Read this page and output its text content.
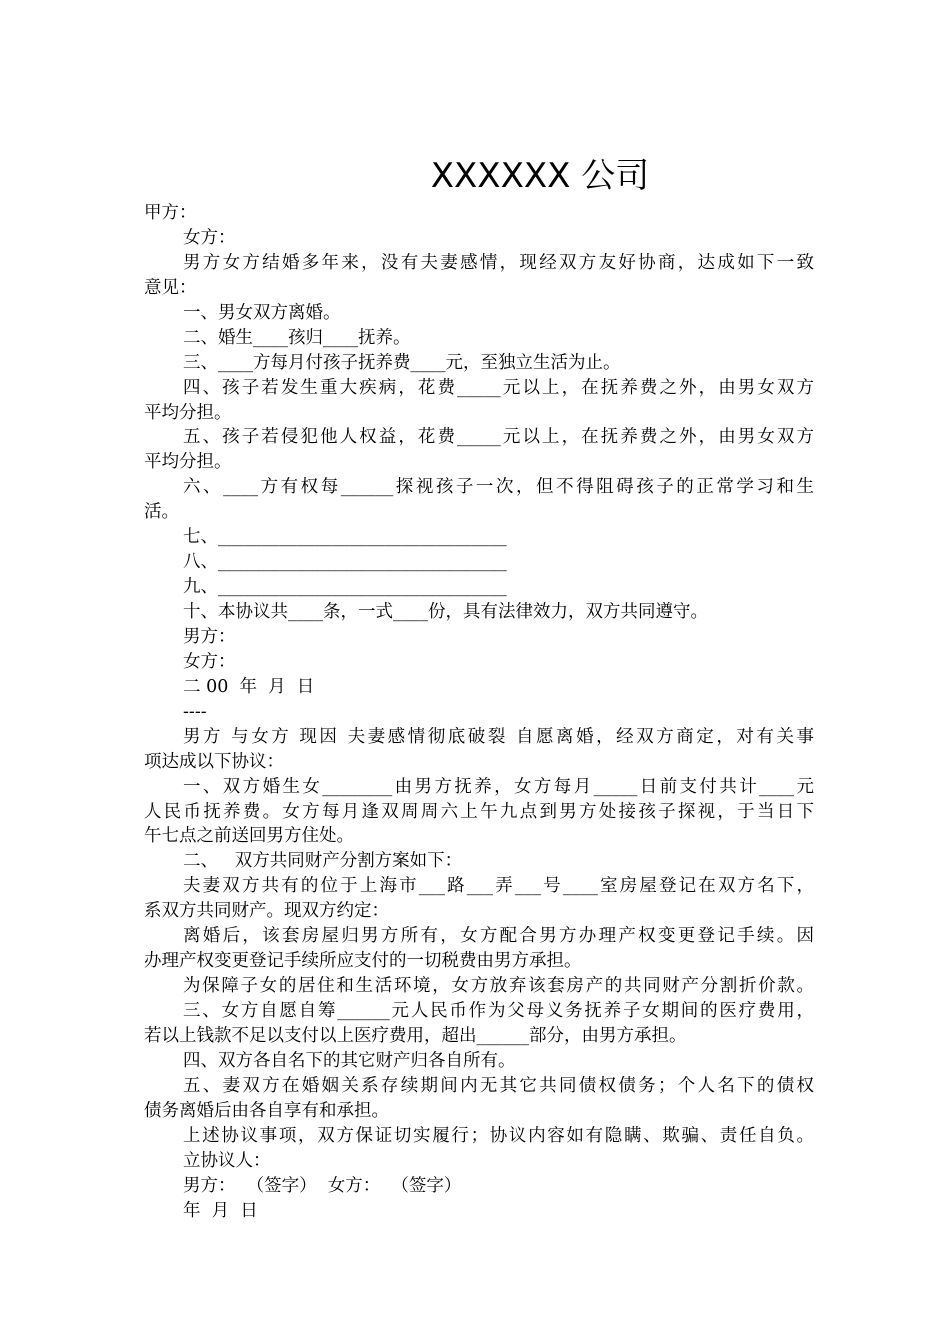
XXXXXX 公司
甲方：
女方：
男方女方结婚多年来，没有夫妻感情，现经双方友好协商，达成如下一致
意见：
一、男女双方离婚。
二、婚生____孩归____抚养。
三、____方每月付孩子抚养费____元，至独立生活为止。
四、孩子若发生重大疾病，花费_____元以上，在抚养费之外，由男女双方
平均分担。
五、孩子若侵犯他人权益，花费_____元以上，在抚养费之外，由男女双方
平均分担。
六、____方有权每______探视孩子一次，但不得阻碍孩子的正常学习和生
活。
七、_________________________________
八、_________________________________
九、_________________________________
十、本协议共____条，一式____份，具有法律效力，双方共同遵守。
男方：
女方：
二 00  年  月  日
----
男方 与女方 现因 夫妻感情彻底破裂 自愿离婚，经双方商定，对有关事
项达成以下协议：
一、双方婚生女________由男方抚养，女方每月_____日前支付共计____元
人民币抚养费。女方每月逢双周周六上午九点到男方处接孩子探视，于当日下
午七点之前送回男方住处。
二、   双方共同财产分割方案如下：
夫妻双方共有的位于上海市___路___弄___号____室房屋登记在双方名下，
系双方共同财产。现双方约定：
离婚后，该套房屋归男方所有，女方配合男方办理产权变更登记手续。因
办理产权变更登记手续所应支付的一切税费由男方承担。
为保障子女的居住和生活环境，女方放弃该套房产的共同财产分割折价款。
三、女方自愿自筹______元人民币作为父母义务抚养子女期间的医疗费用，
若以上钱款不足以支付以上医疗费用，超出______部分，由男方承担。
四、双方各自名下的其它财产归各自所有。
五、妻双方在婚姻关系存续期间内无其它共同债权债务；个人名下的债权
债务离婚后由各自享有和承担。
上述协议事项，双方保证切实履行；协议内容如有隐瞒、欺骗、责任自负。
立协议人：
男方：  （签字）  女方：  （签字）
年  月  日
